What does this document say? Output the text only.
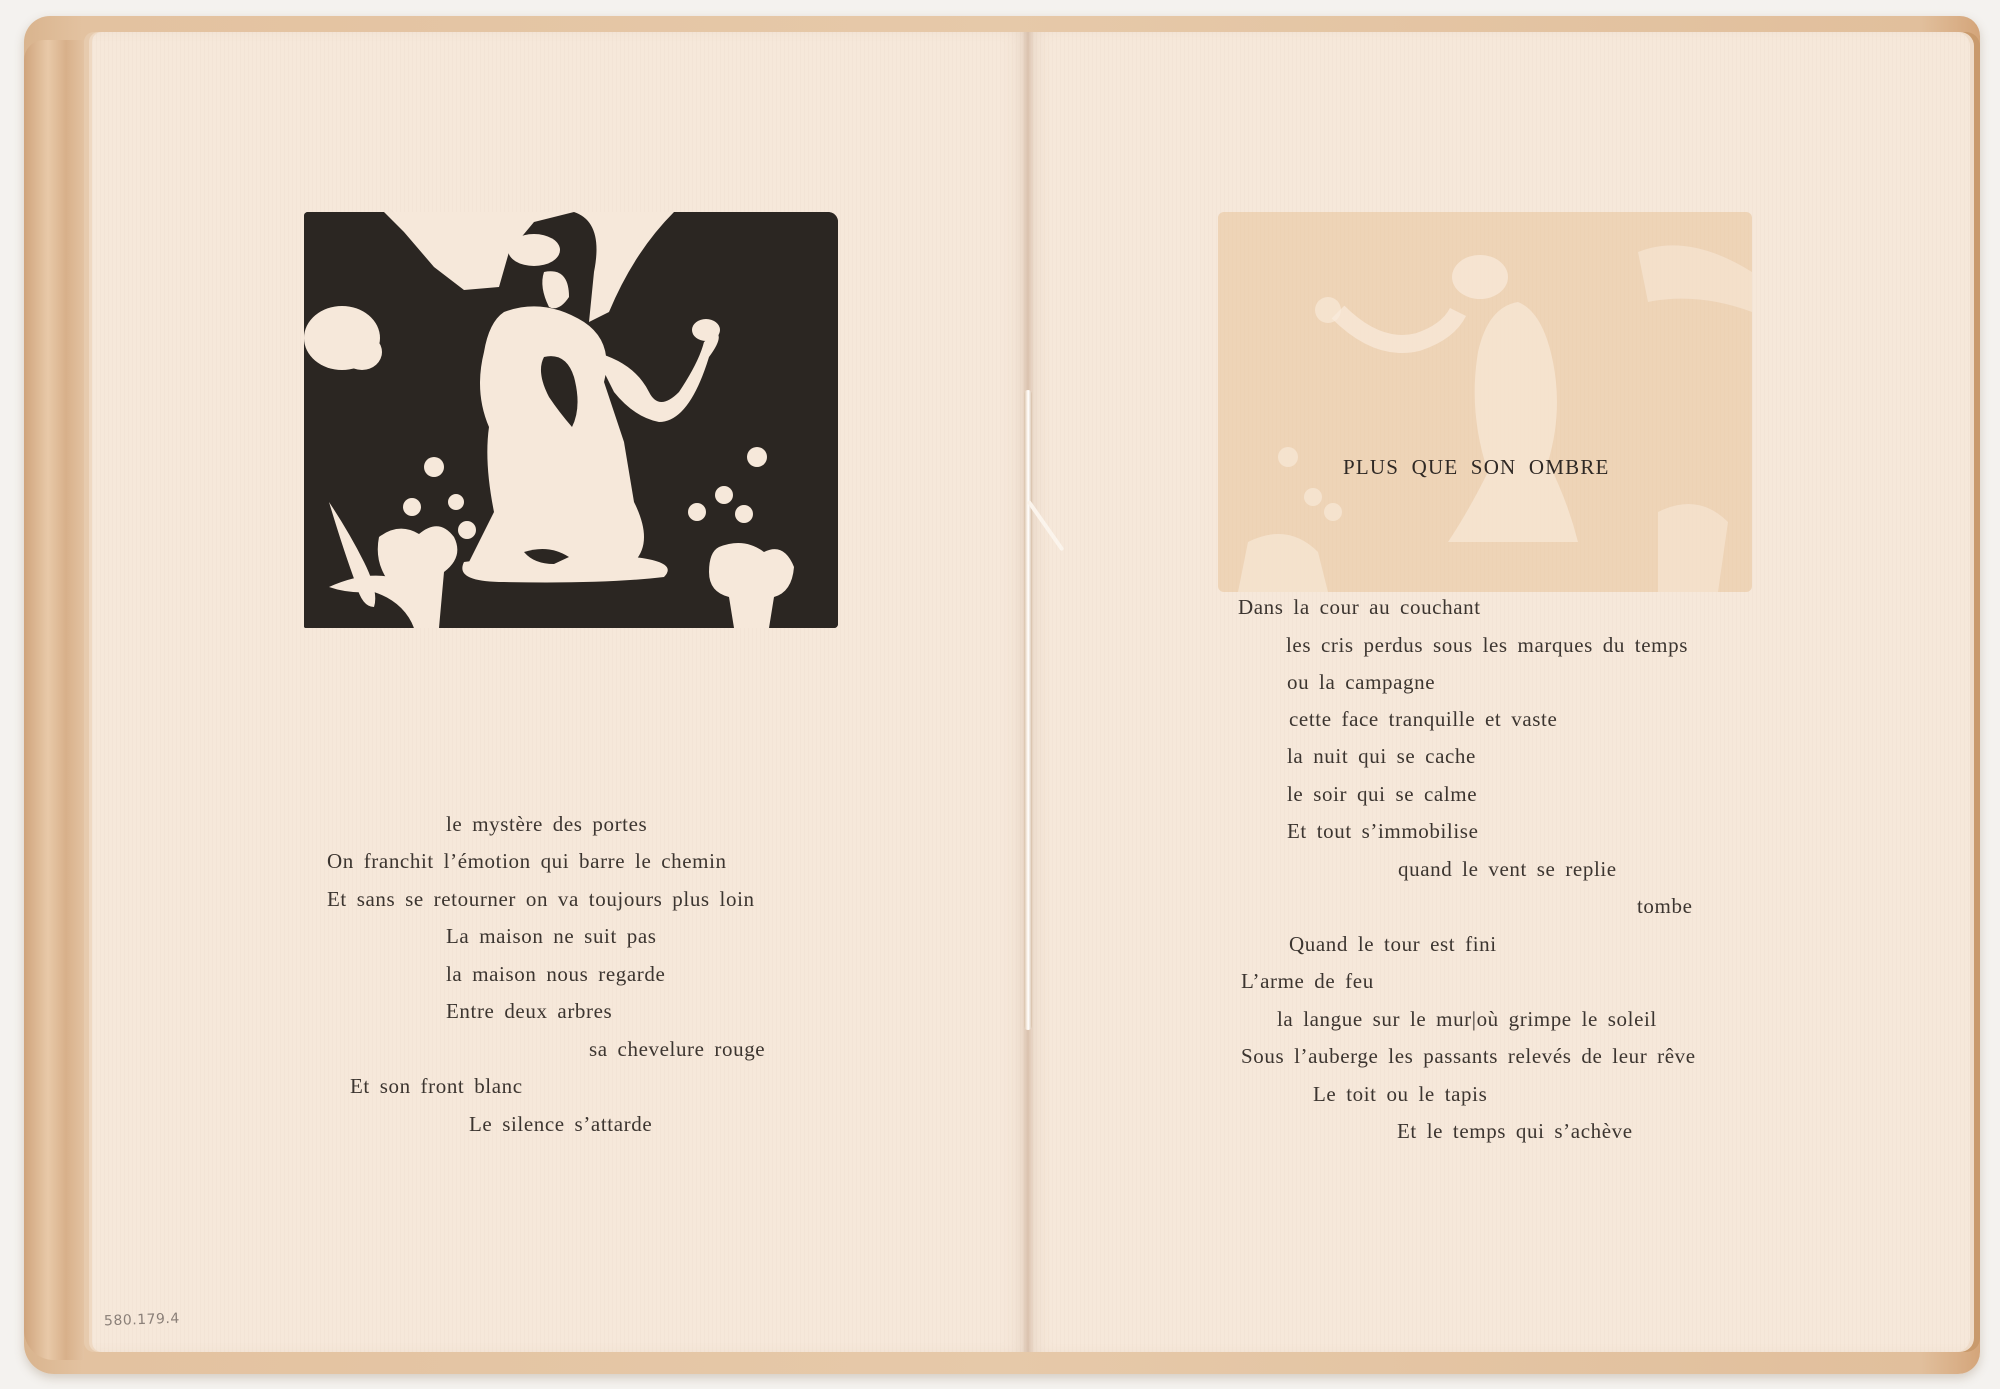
le mystère des portes
On franchit l’émotion qui barre le chemin
Et sans se retourner on va toujours plus loin
La maison ne suit pas
la maison nous regarde
Entre deux arbres
sa chevelure rouge
Et son front blanc
Le silence s’attarde
580.179.4
PLUS QUE SON OMBRE
Dans la cour au couchant
les cris perdus sous les marques du temps
ou la campagne
cette face tranquille et vaste
la nuit qui se cache
le soir qui se calme
Et tout s’immobilise
quand le vent se replie
tombe
Quand le tour est fini
L’arme de feu
la langue sur le mur|où grimpe le soleil
Sous l’auberge les passants relevés de leur rêve
Le toit ou le tapis
Et le temps qui s’achève
